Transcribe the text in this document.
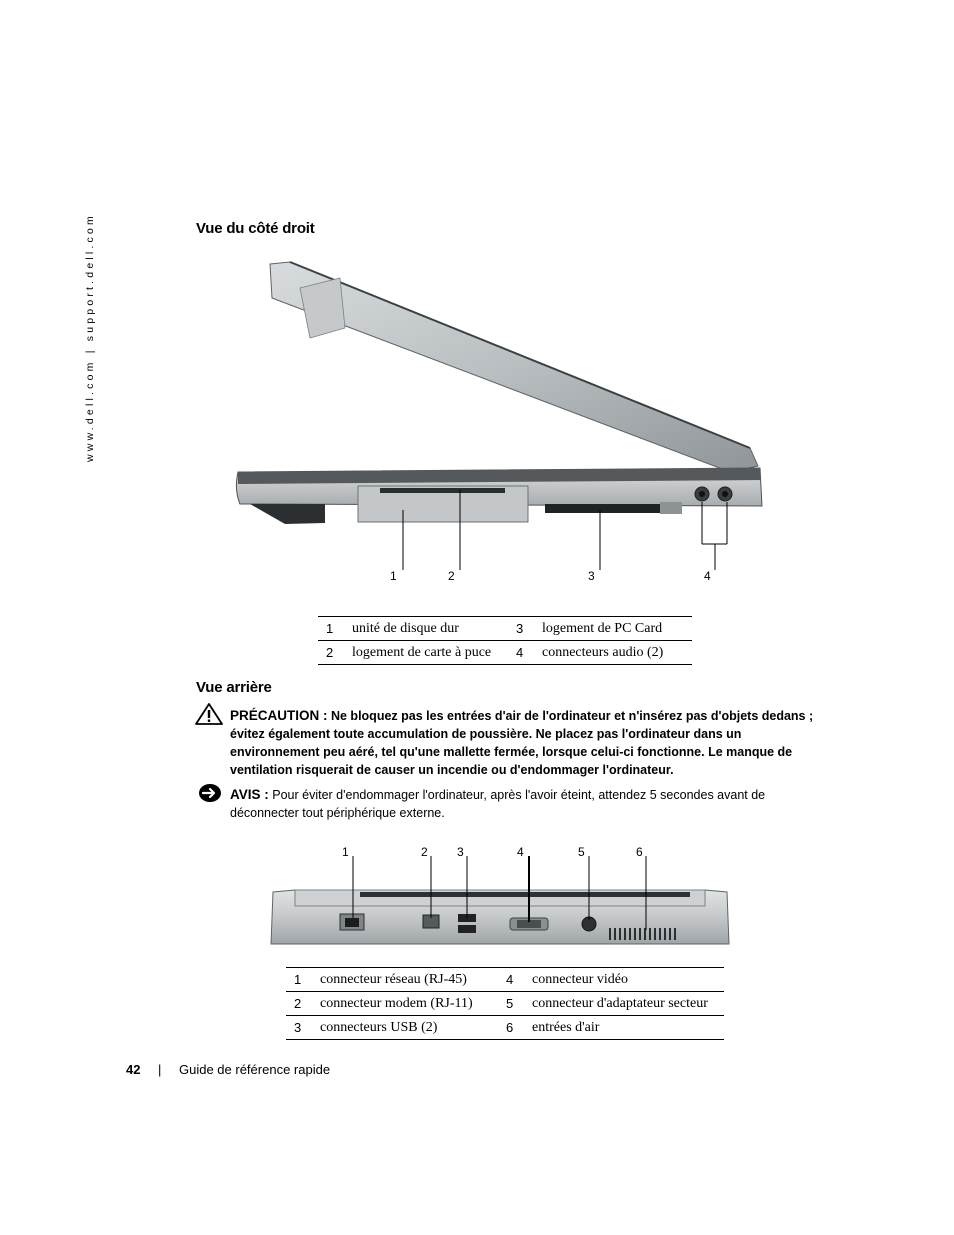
www.dell.com | support.dell.com	Vue du côté droit
1	2	3	4
1	unité de disque dur	3	logement de PC Card
2	logement de carte à puce	4	connecteurs audio (2)
Vue arrière
PRÉCAUTION : Ne bloquez pas les entrées d'air de l'ordinateur et n'insérez pas d'objets dedans ; évitez également toute accumulation de poussière. Ne placez pas l'ordinateur dans un environnement peu aéré, tel qu'une mallette fermée, lorsque celui-ci fonctionne. Le manque de ventilation risquerait de causer un incendie ou d'endommager l'ordinateur.
AVIS : Pour éviter d'endommager l'ordinateur, après l'avoir éteint, attendez 5 secondes avant de déconnecter tout périphérique externe.
1	2 3	4	5	6
1	connecteur réseau (RJ-45)	4	connecteur vidéo
2	connecteur modem (RJ-11)	5	connecteur d'adaptateur secteur
3	connecteurs USB (2)	6	entrées d'air
42 | Guide de référence rapide
